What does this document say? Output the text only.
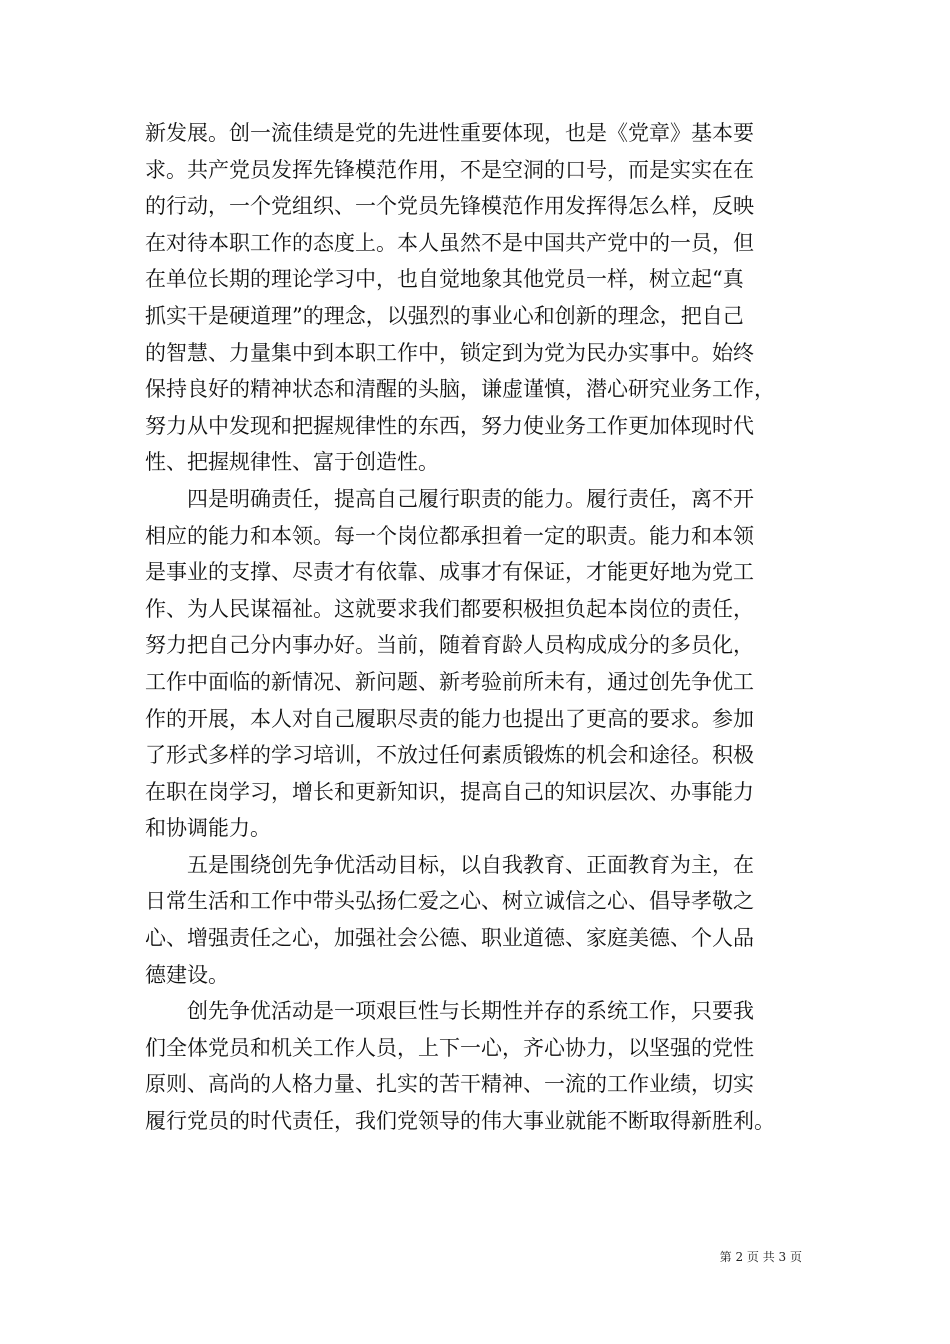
新发展。创一流佳绩是党的先进性重要体现，也是《党章》基本要
求。共产党员发挥先锋模范作用，不是空洞的口号，而是实实在在
的行动，一个党组织、一个党员先锋模范作用发挥得怎么样，反映
在对待本职工作的态度上。本人虽然不是中国共产党中的一员，但
在单位长期的理论学习中，也自觉地象其他党员一样，树立起“真
抓实干是硬道理”的理念，以强烈的事业心和创新的理念，把自己
的智慧、力量集中到本职工作中，锁定到为党为民办实事中。始终
保持良好的精神状态和清醒的头脑，谦虚谨慎，潜心研究业务工作，
努力从中发现和把握规律性的东西，努力使业务工作更加体现时代
性、把握规律性、富于创造性。
四是明确责任，提高自己履行职责的能力。履行责任，离不开
相应的能力和本领。每一个岗位都承担着一定的职责。能力和本领
是事业的支撑、尽责才有依靠、成事才有保证，才能更好地为党工
作、为人民谋福祉。这就要求我们都要积极担负起本岗位的责任，
努力把自己分内事办好。当前，随着育龄人员构成成分的多员化，
工作中面临的新情况、新问题、新考验前所未有，通过创先争优工
作的开展，本人对自己履职尽责的能力也提出了更高的要求。参加
了形式多样的学习培训，不放过任何素质锻炼的机会和途径。积极
在职在岗学习，增长和更新知识，提高自己的知识层次、办事能力
和协调能力。
五是围绕创先争优活动目标，以自我教育、正面教育为主，在
日常生活和工作中带头弘扬仁爱之心、树立诚信之心、倡导孝敬之
心、增强责任之心，加强社会公德、职业道德、家庭美德、个人品
德建设。
创先争优活动是一项艰巨性与长期性并存的系统工作，只要我
们全体党员和机关工作人员，上下一心，齐心协力，以坚强的党性
原则、高尚的人格力量、扎实的苦干精神、一流的工作业绩，切实
履行党员的时代责任，我们党领导的伟大事业就能不断取得新胜利。
第 2 页 共 3 页
